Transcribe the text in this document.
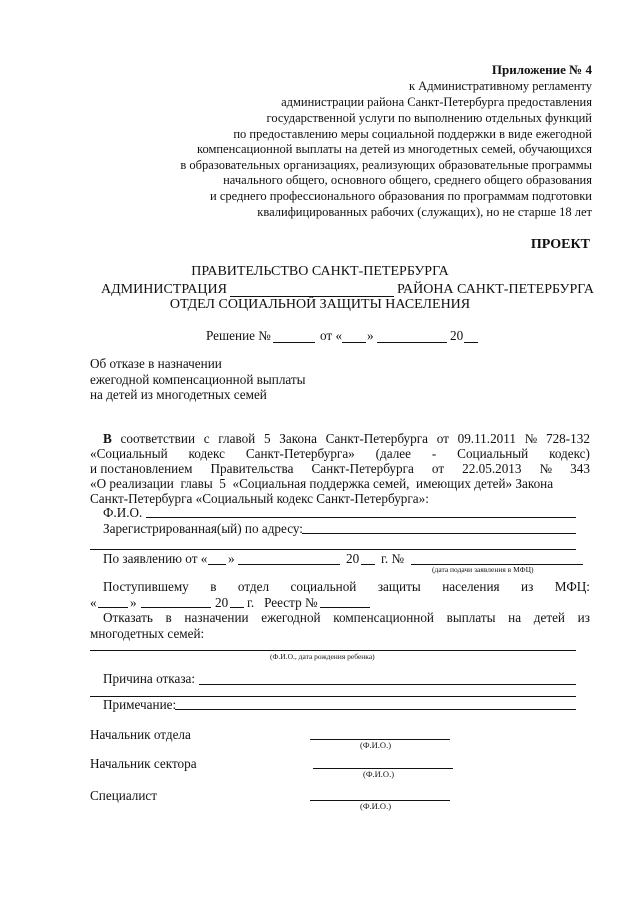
Приложение № 4
к Административному регламенту
администрации района Санкт-Петербурга предоставления
государственной услуги по выполнению отдельных функций
по предоставлению меры социальной поддержки в виде ежегодной
компенсационной выплаты на детей из многодетных семей, обучающихся
в образовательных организациях, реализующих образовательные программы
начального общего, основного общего, среднего общего образования
и среднего профессионального образования по программам подготовки
квалифицированных рабочих (служащих), но не старше 18 лет
ПРОЕКТ
ПРАВИТЕЛЬСТВО САНКТ-ПЕТЕРБУРГА
АДМИНИСТРАЦИЯ	РАЙОНА САНКТ-ПЕТЕРБУРГА
ОТДЕЛ СОЦИАЛЬНОЙ ЗАЩИТЫ НАСЕЛЕНИЯ
Решение №	от « »	20
Об отказе в назначении
ежегодной компенсационной выплаты
на детей из многодетных семей
В соответствии с главой 5 Закона Санкт-Петербурга от 09.11.2011 № 728-132
«Социальный кодекс Санкт-Петербурга» (далее - Социальный кодекс)
и постановлением Правительства Санкт-Петербурга от 22.05.2013 № 343
«О реализации  главы  5  «Социальная поддержка семей,  имеющих детей» Закона
Санкт-Петербурга «Социальный кодекс Санкт-Петербурга»:
Ф.И.О.
Зарегистрированная(ый) по адресу:
По заявлению от « »	20 г. №
(дата подачи заявления в МФЦ)
Поступившему в отдел социальной защиты населения из МФЦ:
«	»	20 г.   Реестр №
Отказать в назначении ежегодной компенсационной выплаты на детей из
многодетных семей:
(Ф.И.О., дата рождения ребенка)
Причина отказа:
Примечание:
Начальник отдела
(Ф.И.О.)
Начальник сектора
(Ф.И.О.)
Специалист
(Ф.И.О.)
